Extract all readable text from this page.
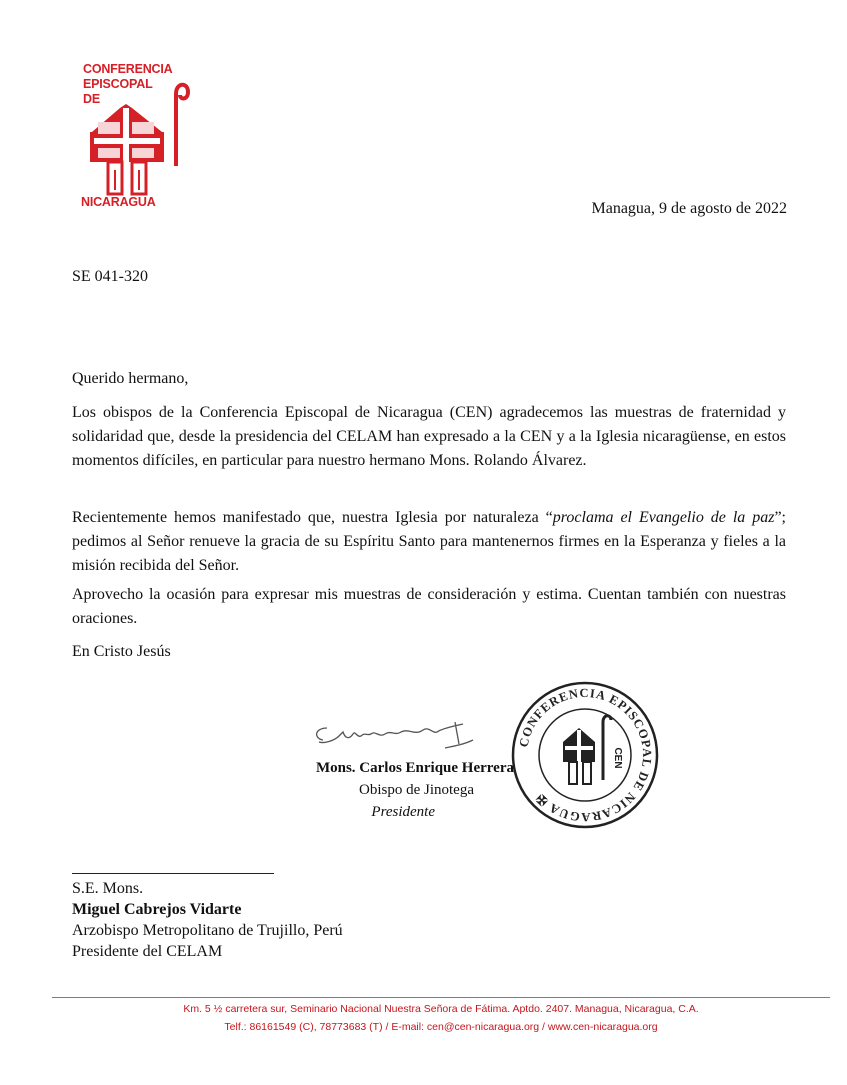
CONFERENCIA
EPISCOPAL
DE
NICARAGUA	Managua, 9 de agosto de 2022
SE 041-320
Querido hermano,
Los obispos de la Conferencia Episcopal de Nicaragua (CEN) agradecemos las muestras de fraternidad y solidaridad que, desde la presidencia del CELAM han expresado a la CEN y a la Iglesia nicaragüense, en estos momentos difíciles, en particular para nuestro hermano Mons. Rolando Álvarez.
Recientemente hemos manifestado que, nuestra Iglesia por naturaleza “proclama el Evangelio de la paz”; pedimos al Señor renueve la gracia de su Espíritu Santo para mantenernos firmes en la Esperanza y fieles a la misión recibida del Señor.
Aprovecho la ocasión para expresar mis muestras de consideración y estima. Cuentan también con nuestras oraciones.
En Cristo Jesús
Mons. Carlos Enrique Herrera
Obispo de Jinotega
Presidente
CONFERENCIA EPISCOPAL DE NICARAGUA ✠
CEN
S.E. Mons.
Miguel Cabrejos Vidarte
Arzobispo Metropolitano de Trujillo, Perú
Presidente del CELAM
Km. 5 ½ carretera sur, Seminario Nacional Nuestra Señora de Fátima. Aptdo. 2407. Managua, Nicaragua, C.A.
Telf.: 86161549 (C), 78773683 (T) / E-mail: cen@cen-nicaragua.org / www.cen-nicaragua.org
